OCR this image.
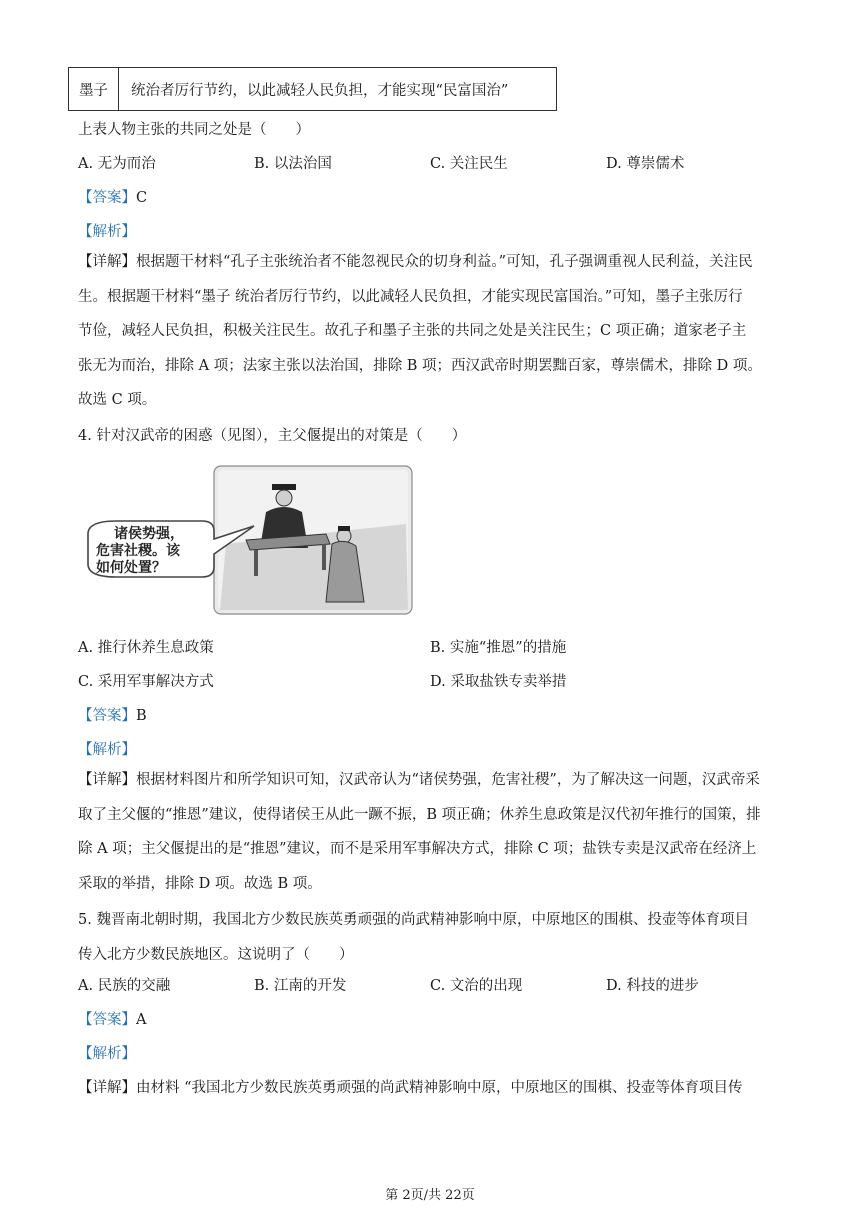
墨子	统治者厉行节约，以此减轻人民负担，才能实现“民富国治”
上表人物主张的共同之处是（　　）
A. 无为而治	B. 以法治国	C. 关注民生	D. 尊崇儒术
【答案】C
【解析】
【详解】根据题干材料“孔子主张统治者不能忽视民众的切身利益。”可知，孔子强调重视人民利益，关注民
生。根据题干材料“墨子 统治者厉行节约，以此减轻人民负担，才能实现民富国治。”可知，墨子主张厉行
节俭，减轻人民负担，积极关注民生。故孔子和墨子主张的共同之处是关注民生；C 项正确；道家老子主
张无为而治，排除 A 项；法家主张以法治国，排除 B 项；西汉武帝时期罢黜百家，尊崇儒术，排除 D 项。
故选 C 项。
4. 针对汉武帝的困惑（见图），主父偃提出的对策是（　　）
诸侯势强，
危害社稷。该
如何处置？
A. 推行休养生息政策	B. 实施“推恩”的措施
C. 采用军事解决方式	D. 采取盐铁专卖举措
【答案】B
【解析】
【详解】根据材料图片和所学知识可知，汉武帝认为“诸侯势强，危害社稷”，为了解决这一问题，汉武帝采
取了主父偃的“推恩”建议，使得诸侯王从此一蹶不振，B 项正确；休养生息政策是汉代初年推行的国策，排
除 A 项；主父偃提出的是“推恩”建议，而不是采用军事解决方式，排除 C 项；盐铁专卖是汉武帝在经济上
采取的举措，排除 D 项。故选 B 项。
5. 魏晋南北朝时期，我国北方少数民族英勇顽强的尚武精神影响中原，中原地区的围棋、投壶等体育项目
传入北方少数民族地区。这说明了（　　）
A. 民族的交融	B. 江南的开发	C. 文治的出现	D. 科技的进步
【答案】A
【解析】
【详解】由材料 “我国北方少数民族英勇顽强的尚武精神影响中原，中原地区的围棋、投壶等体育项目传
第 2页/共 22页
